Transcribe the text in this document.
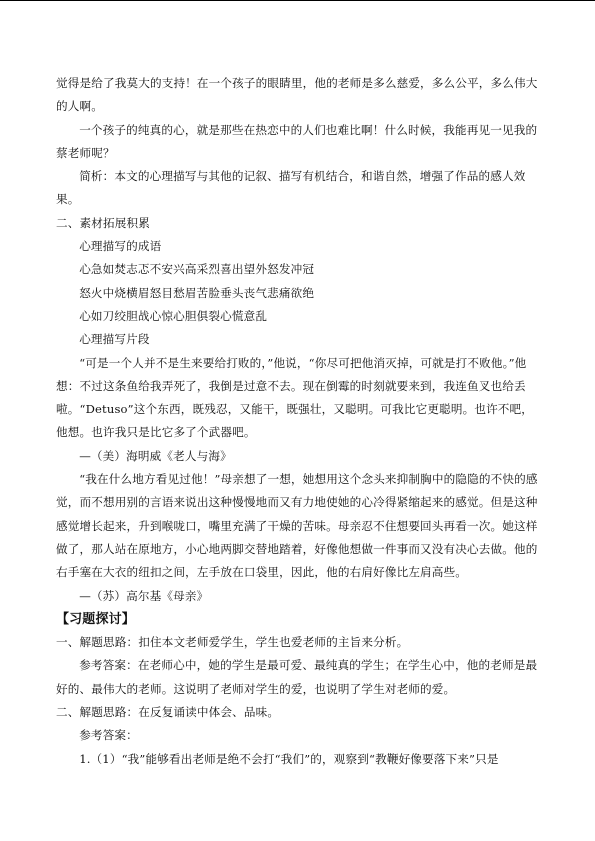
觉得是给了我莫大的支持！在一个孩子的眼睛里，他的老师是多么慈爱，多么公平，多么伟大的人啊。

一个孩子的纯真的心，就是那些在热恋中的人们也难比啊！什么时候，我能再见一见我的蔡老师呢？

简析：本文的心理描写与其他的记叙、描写有机结合，和谐自然，增强了作品的感人效果。

二、素材拓展积累

心理描写的成语

心急如焚志忑不安兴高采烈喜出望外怒发冲冠

怒火中烧横眉怒目愁眉苦脸垂头丧气悲痛欲绝

心如刀绞胆战心惊心胆俱裂心慌意乱

心理描写片段

“可是一个人并不是生来要给打败的，”他说，“你尽可把他消灭掉，可就是打不败他。”他想：不过这条鱼给我弄死了，我倒是过意不去。现在倒霉的时刻就要来到，我连鱼叉也给丢啦。“Detuso”这个东西，既残忍，又能干，既强壮，又聪明。可我比它更聪明。也许不吧，他想。也许我只是比它多了个武器吧。

—（美）海明威《老人与海》

“我在什么地方看见过他！”母亲想了一想，她想用这个念头来抑制胸中的隐隐的不快的感觉，而不想用别的言语来说出这种慢慢地而又有力地使她的心冷得紧缩起来的感觉。但是这种感觉增长起来，升到喉咙口，嘴里充满了干燥的苦味。母亲忍不住想要回头再看一次。她这样做了，那人站在原地方，小心地两脚交替地踏着，好像他想做一件事而又没有决心去做。他的右手塞在大衣的纽扣之间，左手放在口袋里，因此，他的右肩好像比左肩高些。

—（苏）高尔基《母亲》

【习题探讨】

一、解题思路：扣住本文老师爱学生，学生也爱老师的主旨来分析。

参考答案：在老师心中，她的学生是最可爱、最纯真的学生；在学生心中，他的老师是最好的、最伟大的老师。这说明了老师对学生的爱，也说明了学生对老师的爱。

二、解题思路：在反复诵读中体会、品味。

参考答案：

1.（1）“我”能够看出老师是绝不会打“我们”的，观察到“教鞭好像要落下来”只是
